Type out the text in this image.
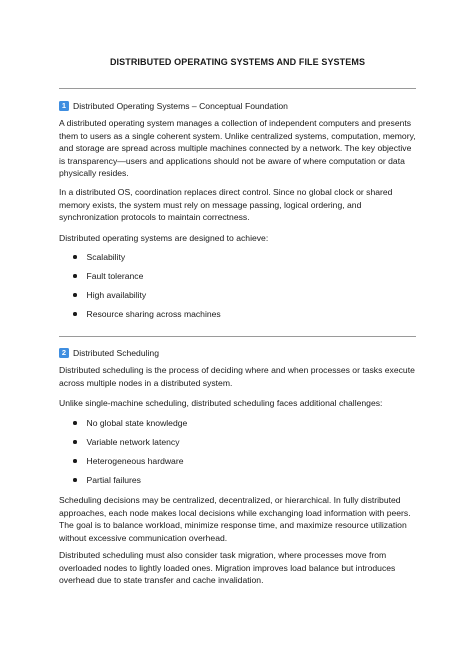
DISTRIBUTED OPERATING SYSTEMS AND FILE SYSTEMS
1 Distributed Operating Systems – Conceptual Foundation

A distributed operating system manages a collection of independent computers and presents them to users as a single coherent system. Unlike centralized systems, computation, memory, and storage are spread across multiple machines connected by a network. The key objective is transparency—users and applications should not be aware of where computation or data physically resides.

In a distributed OS, coordination replaces direct control. Since no global clock or shared memory exists, the system must rely on message passing, logical ordering, and synchronization protocols to maintain correctness.

Distributed operating systems are designed to achieve:

Scalability
Fault tolerance
High availability
Resource sharing across machines
2 Distributed Scheduling

Distributed scheduling is the process of deciding where and when processes or tasks execute across multiple nodes in a distributed system.

Unlike single-machine scheduling, distributed scheduling faces additional challenges:

No global state knowledge
Variable network latency
Heterogeneous hardware
Partial failures

Scheduling decisions may be centralized, decentralized, or hierarchical. In fully distributed approaches, each node makes local decisions while exchanging load information with peers. The goal is to balance workload, minimize response time, and maximize resource utilization without excessive communication overhead.

Distributed scheduling must also consider task migration, where processes move from overloaded nodes to lightly loaded ones. Migration improves load balance but introduces overhead due to state transfer and cache invalidation.
